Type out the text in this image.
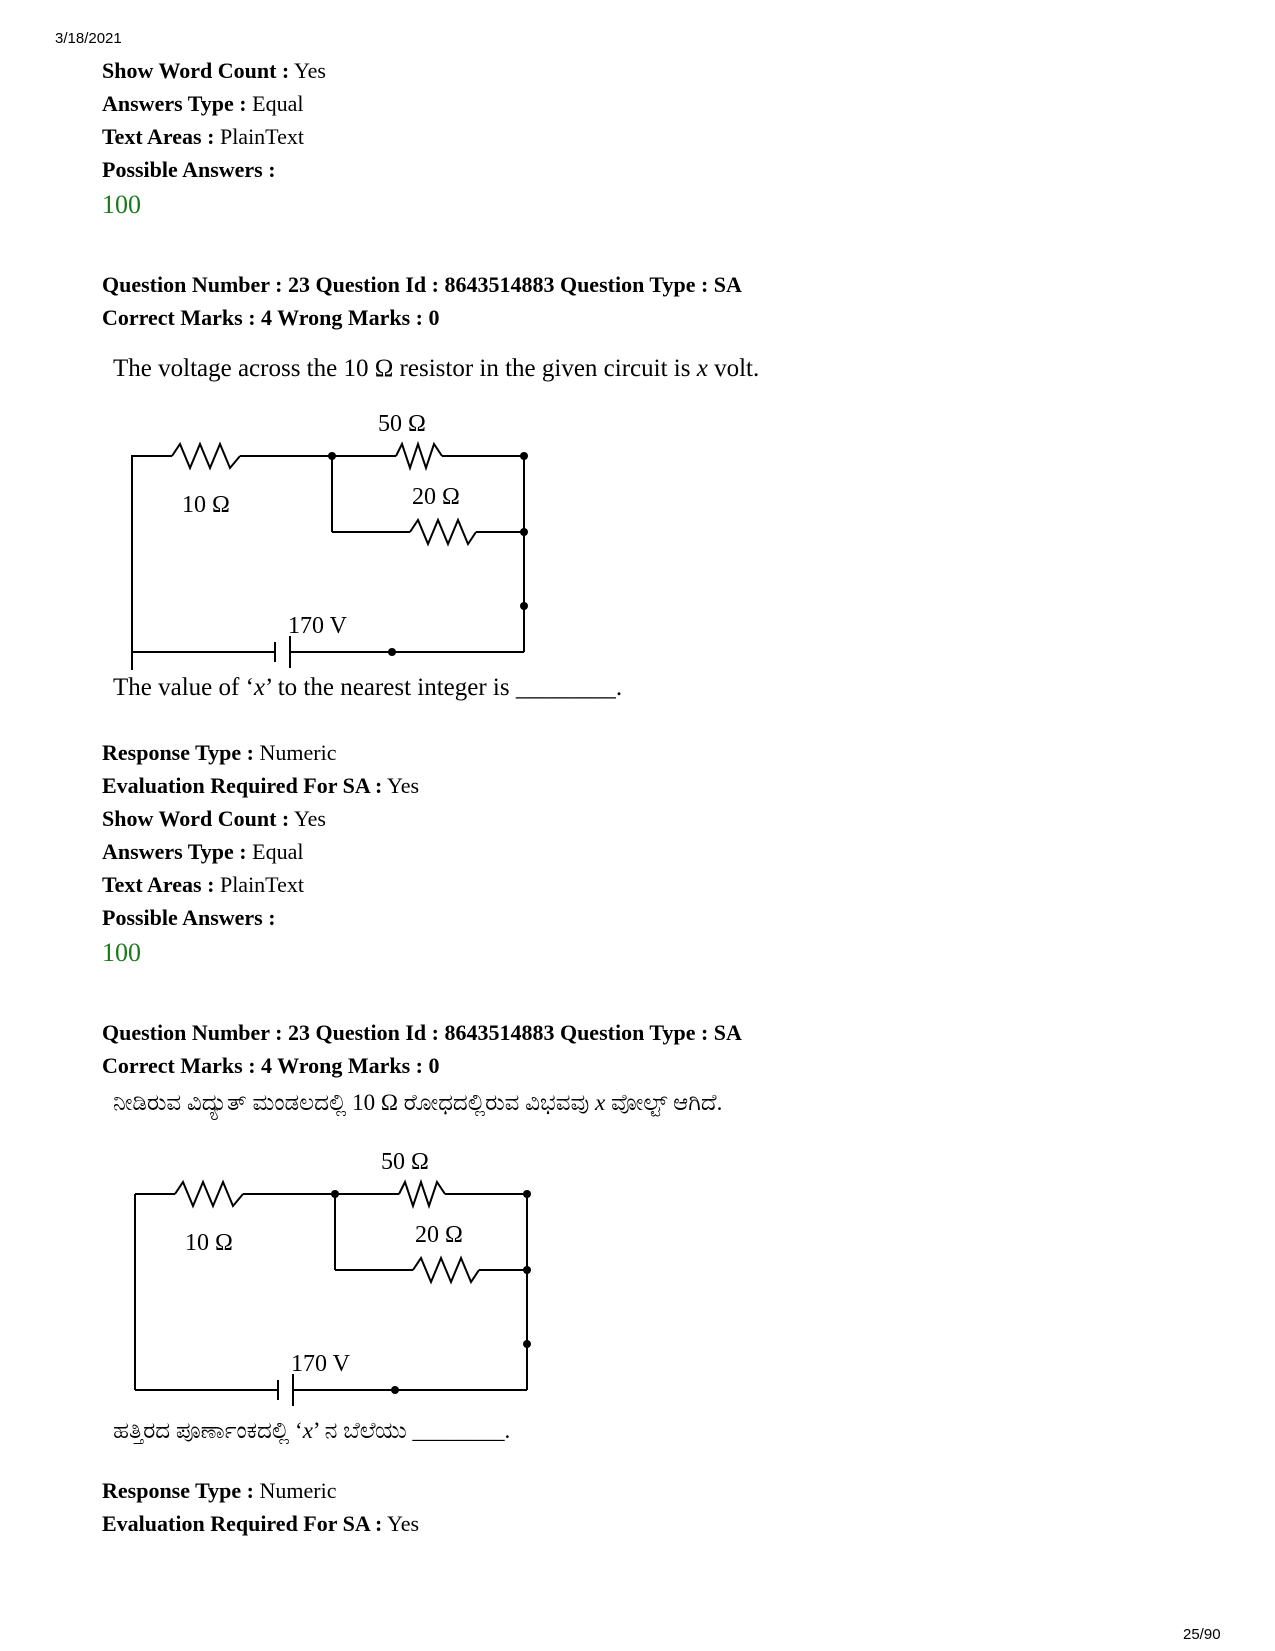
3/18/2021
Show Word Count : Yes
Answers Type : Equal
Text Areas : PlainText
Possible Answers :
100
Question Number : 23 Question Id : 8643514883 Question Type : SA
Correct Marks : 4 Wrong Marks : 0
The voltage across the 10 Ω resistor in the given circuit is x volt.
50 Ω
10 Ω	20 Ω
170 V
The value of ‘x’ to the nearest integer is ________.
Response Type : Numeric
Evaluation Required For SA : Yes
Show Word Count : Yes
Answers Type : Equal
Text Areas : PlainText
Possible Answers :
100
Question Number : 23 Question Id : 8643514883 Question Type : SA
Correct Marks : 4 Wrong Marks : 0
ನೀಡಿರುವ ವಿದ್ಯುತ್ ಮಂಡಲದಲ್ಲಿ 10 Ω ರೋಧದಲ್ಲಿರುವ ವಿಭವವು x ವೋಲ್ಟ್ ಆಗಿದೆ.
50 Ω
10 Ω	20 Ω
170 V
ಹತ್ತಿರದ ಪೂರ್ಣಾಂಕದಲ್ಲಿ ‘x’ ನ ಬೆಲೆಯು ________.
Response Type : Numeric
Evaluation Required For SA : Yes
25/90
